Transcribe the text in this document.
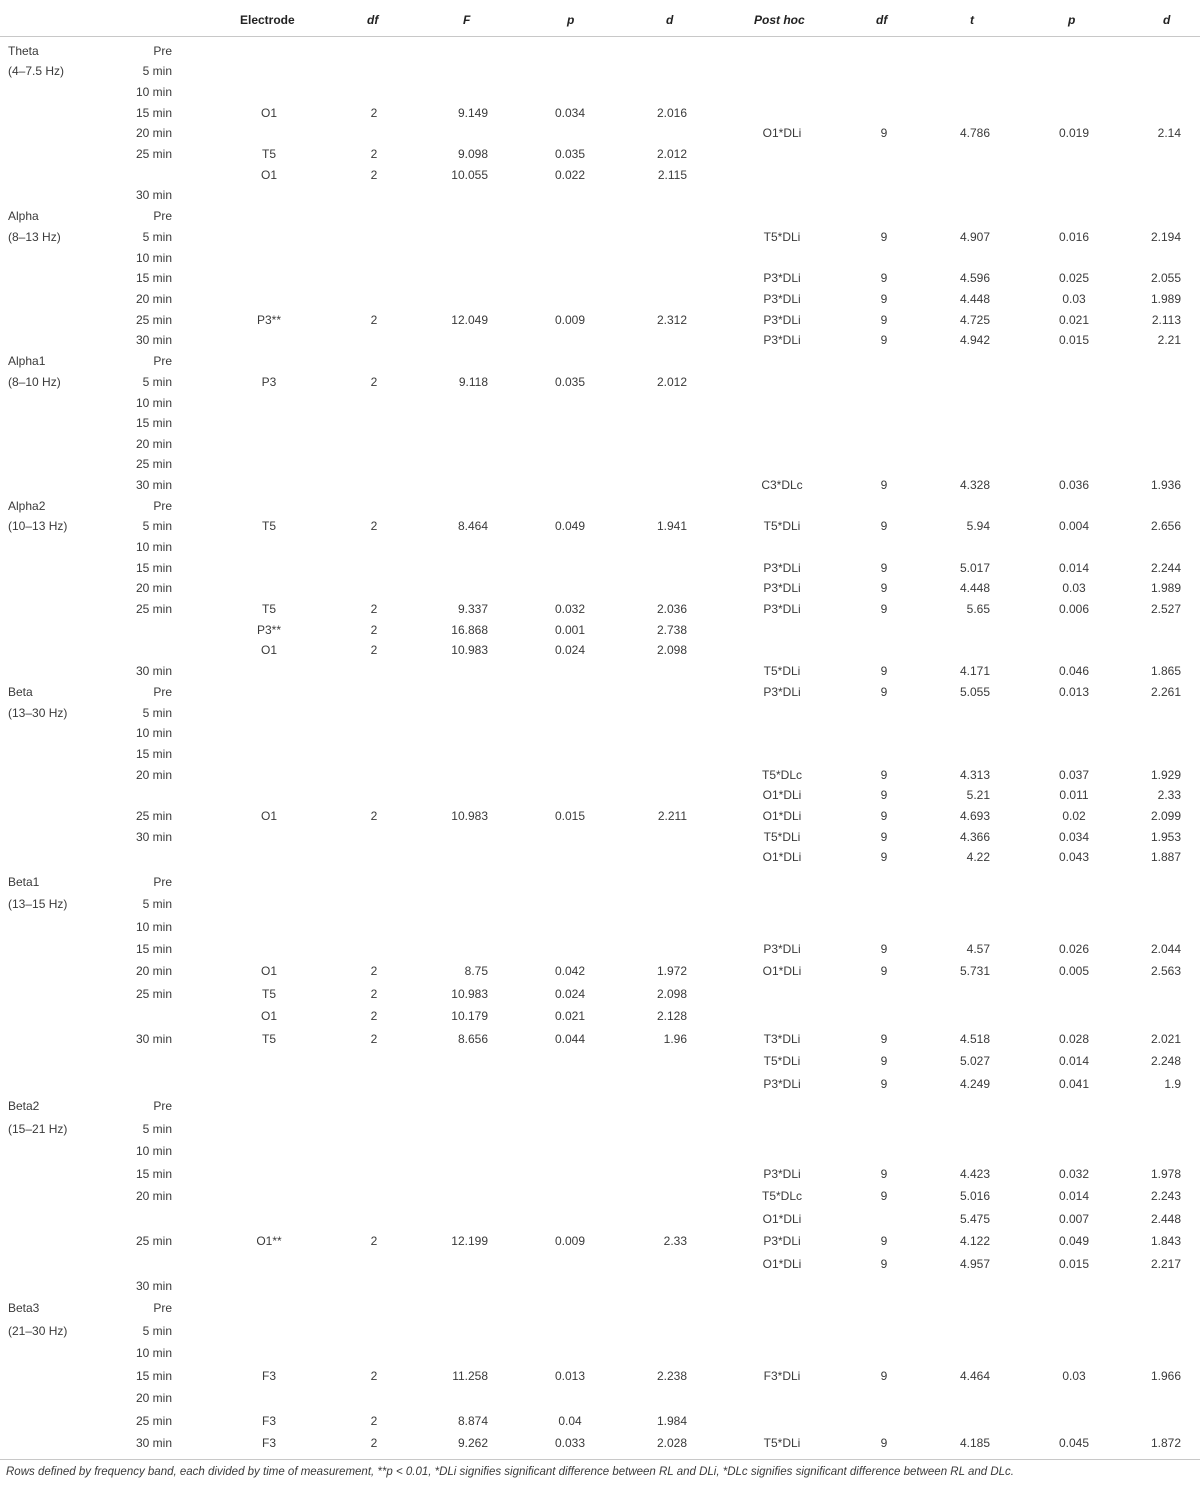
Electrode	df	F	p	d	Post hoc	df	t	p	d
Theta	Pre
(4–7.5 Hz)	5 min
10 min
15 min	O1	2	9.149	0.034	2.016
20 min	O1*DLi	9	4.786	0.019	2.14
25 min	T5	2	9.098	0.035	2.012
O1	2	10.055	0.022	2.115
30 min
Alpha	Pre
(8–13 Hz)	5 min	T5*DLi	9	4.907	0.016	2.194
10 min
15 min	P3*DLi	9	4.596	0.025	2.055
20 min	P3*DLi	9	4.448	0.03	1.989
25 min	P3**	2	12.049	0.009	2.312	P3*DLi	9	4.725	0.021	2.113
30 min	P3*DLi	9	4.942	0.015	2.21
Alpha1	Pre
(8–10 Hz)	5 min	P3	2	9.118	0.035	2.012
10 min
15 min
20 min
25 min
30 min	C3*DLc	9	4.328	0.036	1.936
Alpha2	Pre
(10–13 Hz)	5 min	T5	2	8.464	0.049	1.941	T5*DLi	9	5.94	0.004	2.656
10 min
15 min	P3*DLi	9	5.017	0.014	2.244
20 min	P3*DLi	9	4.448	0.03	1.989
25 min	T5	2	9.337	0.032	2.036	P3*DLi	9	5.65	0.006	2.527
P3**	2	16.868	0.001	2.738
O1	2	10.983	0.024	2.098
30 min	T5*DLi	9	4.171	0.046	1.865
Beta	Pre	P3*DLi	9	5.055	0.013	2.261
(13–30 Hz)	5 min
10 min
15 min
20 min	T5*DLc	9	4.313	0.037	1.929
O1*DLi	9	5.21	0.011	2.33
25 min	O1	2	10.983	0.015	2.211	O1*DLi	9	4.693	0.02	2.099
30 min	T5*DLi	9	4.366	0.034	1.953
O1*DLi	9	4.22	0.043	1.887
Beta1	Pre
(13–15 Hz)	5 min
10 min
15 min	P3*DLi	9	4.57	0.026	2.044
20 min	O1	2	8.75	0.042	1.972	O1*DLi	9	5.731	0.005	2.563
25 min	T5	2	10.983	0.024	2.098
O1	2	10.179	0.021	2.128
30 min	T5	2	8.656	0.044	1.96	T3*DLi	9	4.518	0.028	2.021
T5*DLi	9	5.027	0.014	2.248
P3*DLi	9	4.249	0.041	1.9
Beta2	Pre
(15–21 Hz)	5 min
10 min
15 min	P3*DLi	9	4.423	0.032	1.978
20 min	T5*DLc	9	5.016	0.014	2.243
O1*DLi	5.475	0.007	2.448
25 min	O1**	2	12.199	0.009	2.33	P3*DLi	9	4.122	0.049	1.843
O1*DLi	9	4.957	0.015	2.217
30 min
Beta3	Pre
(21–30 Hz)	5 min
10 min
15 min	F3	2	11.258	0.013	2.238	F3*DLi	9	4.464	0.03	1.966
20 min
25 min	F3	2	8.874	0.04	1.984
30 min	F3	2	9.262	0.033	2.028	T5*DLi	9	4.185	0.045	1.872
Rows defined by frequency band, each divided by time of measurement, **p < 0.01, *DLi signifies significant difference between RL and DLi, *DLc signifies significant difference between RL and DLc.
